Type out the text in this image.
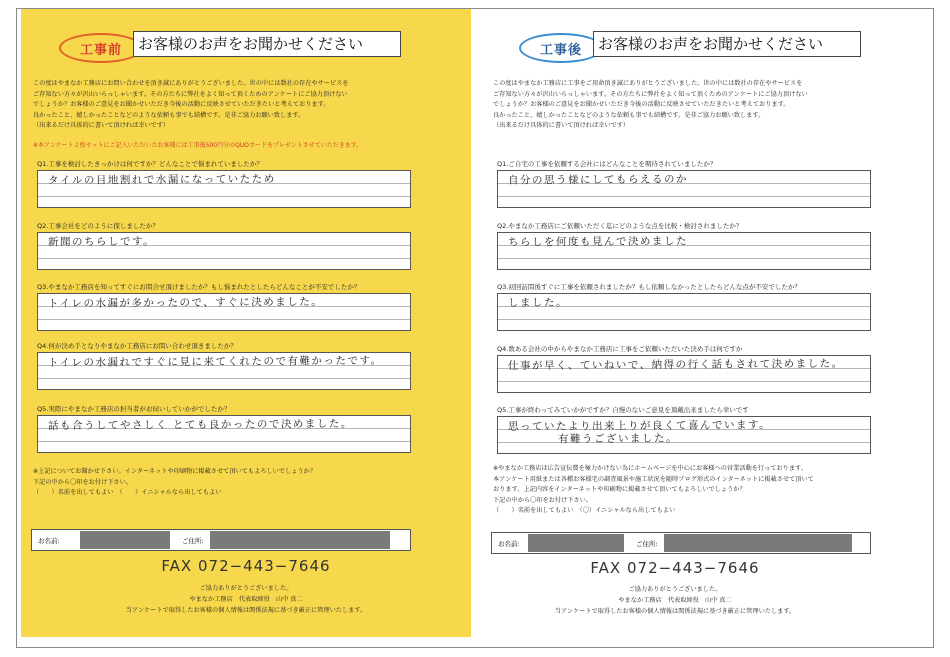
工事前	お客様のお声をお聞かせください
この度はやまなか工務店にお問い合わせを頂き誠にありがとうございました。世の中には数社の存在やサービスを
ご存知ない方々が沢山いらっしゃいます。その方たちに弊社をよく知って頂くためのアンケートにご協力頂けない
でしょうか？お客様のご意見をお聞かせいただき今後の活動に反映させていただきたいと考えております。
良かったこと、嬉しかったことなどのような依頼も事でも結構です。是非ご協力お願い致します。
（出来るだけ具体的に書いて頂ければ幸いです）
※本アンケート２枚セットにご記入いただいたお客様には工事後500円分のQUOカードをプレゼントさせていただきます。
Q1.工事を検討したきっかけは何ですか？どんなことで悩まれていましたか？
タイルの目地割れで水漏になっていたため
Q2.工事会社をどのように探しましたか？
新聞のちらしです。
Q3.やまなか工務店を知ってすぐにお問合せ頂けましたか？もし悩まれたとしたらどんなことが不安でしたか？
トイレの水漏が多かったので、すぐに決めました。
Q4.何が決め手となりやまなか工務店にお問い合わせ頂きましたか？
トイレの水漏れですぐに見に来てくれたので有難かったです。
Q5.実際にやまなか工務店の担当者がお伺いしていかがでしたか？
話も合うしてやさしく とても良かったので決めました。
※上記についてお聞かせ下さい。インターネットや印刷物に掲載させて頂いてもよろしいでしょうか？
下記の中から〇印をお付け下さい。
（　　）名前を出してもよい　（　　）イニシャルなら出してもよい
お名前:	ご住所:
FAX 072−443−7646
ご協力ありがとうございました。
やまなか工務店　代表取締役　山中 真二
当アンケートで取得したお客様の個人情報は関係法規に基づき厳正に管理いたします。
工事後	お客様のお声をお聞かせください
この度はやまなか工務店に工事をご用命頂き誠にありがとうございました。世の中には数社の存在やサービスを
ご存知ない方々が沢山いらっしゃいます。その方たちに弊社をよく知って頂くためのアンケートにご協力頂けない
でしょうか？お客様のご意見をお聞かせいただき今後の活動に反映させていただきたいと考えております。
良かったこと、嬉しかったことなどのような依頼も事でも結構です。是非ご協力お願い致します。
（出来るだけ具体的に書いて頂ければ幸いです）
Q1.ご自宅の工事を依頼する会社にはどんなことを期待されていましたか？
自分の思う様にしてもらえるのか
Q2.やまなか工務店にご依頼いただく迄にどのような点を比較・検討されましたか？
ちらしを何度も見んで決めました
Q3.初回訪問後すぐに工事を依頼されましたか？もし依頼しなかったとしたらどんな点が不安でしたか？
しました。
Q4.数ある会社の中からやまなか工務店に工事をご依頼いただいた決め手は何ですか
仕事が早く、ていねいで、納得の行く話もされて決めました。
Q5.工事が終わってみていかがですか？自慢のないご意見を頂戴出来ましたら幸いです
思っていたより出来上りが良くて喜んでいます。
有難うございました。
※やまなか工務店は広告宣伝費を極力かけない為にホームページを中心にお客様への営業活動を行っております。
本アンケート用紙または各種お客様宅の調査風景や施工状況を随時ブログ形式のインターネットに掲載させて頂いて
おります。上記内容をインターネットや印刷物に掲載させて頂いてもよろしいでしょうか？
下記の中から〇印をお付け下さい。
（　　）名前を出してもよい　（〇）イニシャルなら出してもよい
お名前:	ご住所:
FAX 072−443−7646
ご協力ありがとうございました。
やまなか工務店　代表取締役　山中 真二
当アンケートで取得したお客様の個人情報は関係法規に基づき厳正に管理いたします。
